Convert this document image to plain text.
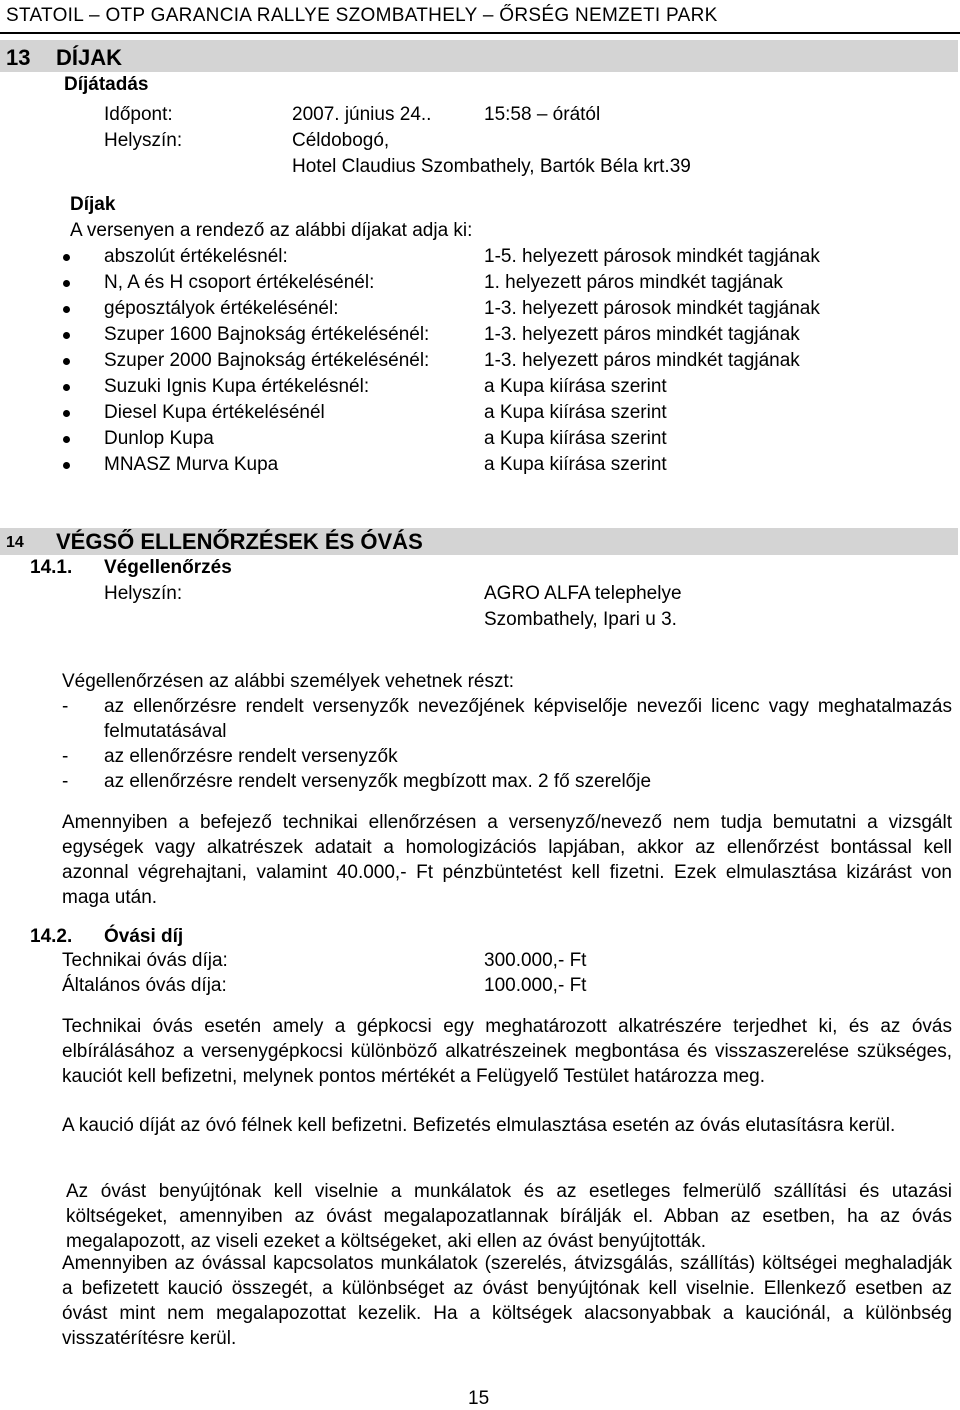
STATOIL – OTP GARANCIA RALLYE SZOMBATHELY – ŐRSÉG NEMZETI PARK
13 DÍJAK
Díjátadás
Időpont:	2007. június 24..	15:58 – órától
Helyszín:	Céldobogó,
Hotel Claudius Szombathely, Bartók Béla krt.39
Díjak
A versenyen a rendező az alábbi díjakat adja ki:
abszolút értékelésnél:	1-5. helyezett párosok mindkét tagjának
N, A és H csoport értékelésénél:	1. helyezett páros mindkét tagjának
géposztályok értékelésénél:	1-3. helyezett párosok mindkét tagjának
Szuper 1600 Bajnokság értékelésénél:	1-3. helyezett páros mindkét tagjának
Szuper 2000 Bajnokság értékelésénél:	1-3. helyezett páros mindkét tagjának
Suzuki Ignis Kupa értékelésnél:	a Kupa kiírása szerint
Diesel Kupa értékelésénél	a Kupa kiírása szerint
Dunlop Kupa	a Kupa kiírása szerint
MNASZ Murva Kupa	a Kupa kiírása szerint
14 VÉGSŐ ELLENŐRZÉSEK ÉS ÓVÁS
14.1. Végellenőrzés
Helyszín:	AGRO ALFA telephelye
Szombathely, Ipari u 3.
Végellenőrzésen az alábbi személyek vehetnek részt:
- az ellenőrzésre rendelt versenyzők nevezőjének képviselője nevezői licenc vagy meghatalmazás felmutatásával
- az ellenőrzésre rendelt versenyzők
- az ellenőrzésre rendelt versenyzők megbízott max. 2 fő szerelője
Amennyiben a befejező technikai ellenőrzésen a versenyző/nevező nem tudja bemutatni a vizsgált egységek vagy alkatrészek adatait a homologizációs lapjában, akkor az ellenőrzést bontással kell azonnal végrehajtani, valamint 40.000,- Ft pénzbüntetést kell fizetni. Ezek elmulasztása kizárást von maga után.
14.2. Óvási díj
Technikai óvás díja:	300.000,- Ft
Általános óvás díja:	100.000,- Ft
Technikai óvás esetén amely a gépkocsi egy meghatározott alkatrészére terjedhet ki, és az óvás elbírálásához a versenygépkocsi különböző alkatrészeinek megbontása és visszaszerelése szükséges, kauciót kell befizetni, melynek pontos mértékét a Felügyelő Testület határozza meg.
A kaució díját az óvó félnek kell befizetni. Befizetés elmulasztása esetén az óvás elutasításra kerül.
Az óvást benyújtónak kell viselnie a munkálatok és az esetleges felmerülő szállítási és utazási költségeket, amennyiben az óvást megalapozatlannak bírálják el. Abban az esetben, ha az óvás megalapozott, az viseli ezeket a költségeket, aki ellen az óvást benyújtották.
Amennyiben az óvással kapcsolatos munkálatok (szerelés, átvizsgálás, szállítás) költségei meghaladják a befizetett kaució összegét, a különbséget az óvást benyújtónak kell viselnie. Ellenkező esetben az óvást mint nem megalapozottat kezelik. Ha a költségek alacsonyabbak a kauciónál, a különbség visszatérítésre kerül.
15
